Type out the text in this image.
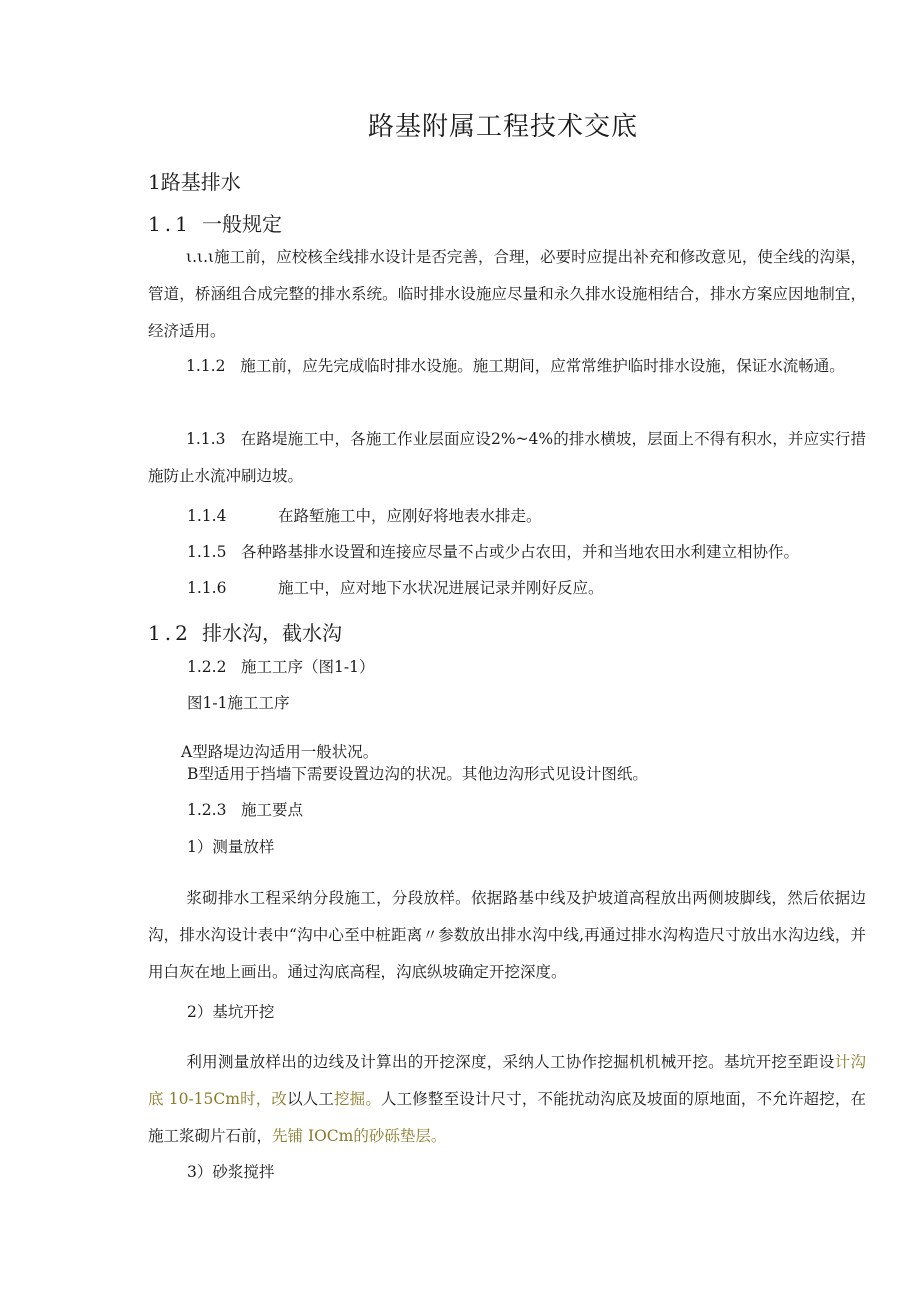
路基附属工程技术交底
1路基排水
1.1 一般规定
ι.ι.ι施工前，应校核全线排水设计是否完善，合理，必要时应提出补充和修改意见，使全线的沟渠，管道，桥涵组合成完整的排水系统。临时排水设施应尽量和永久排水设施相结合，排水方案应因地制宜，经济适用。
1.1.2 施工前，应先完成临时排水设施。施工期间，应常常维护临时排水设施，保证水流畅通。
1.1.3 在路堤施工中，各施工作业层面应设2%~4%的排水横坡，层面上不得有积水，并应实行措施防止水流冲刷边坡。
1.1.4	在路堑施工中，应刚好将地表水排走。
1.1.5 各种路基排水设置和连接应尽量不占或少占农田，并和当地农田水利建立相协作。
1.1.6	施工中，应对地下水状况进展记录并刚好反应。
1.2 排水沟，截水沟
1.2.2 施工工序（图1-1）
图1-1施工工序
A型路堤边沟适用一般状况。
B型适用于挡墙下需要设置边沟的状况。其他边沟形式见设计图纸。
1.2.3 施工要点
1）测量放样
浆砌排水工程采纳分段施工，分段放样。依据路基中线及护坡道高程放出两侧坡脚线，然后依据边沟，排水沟设计表中“沟中心至中桩距离〃参数放出排水沟中线,再通过排水沟构造尺寸放出水沟边线，并用白灰在地上画出。通过沟底高程，沟底纵坡确定开挖深度。
2）基坑开挖
利用测量放样出的边线及计算出的开挖深度，采纳人工协作挖掘机机械开挖。基坑开挖至距设计沟底 10-15Cm时，改以人工挖掘。人工修整至设计尺寸，不能扰动沟底及坡面的原地面，不允许超挖，在施工浆砌片石前，先铺 IOCm的砂砾垫层。
3）砂浆搅拌
